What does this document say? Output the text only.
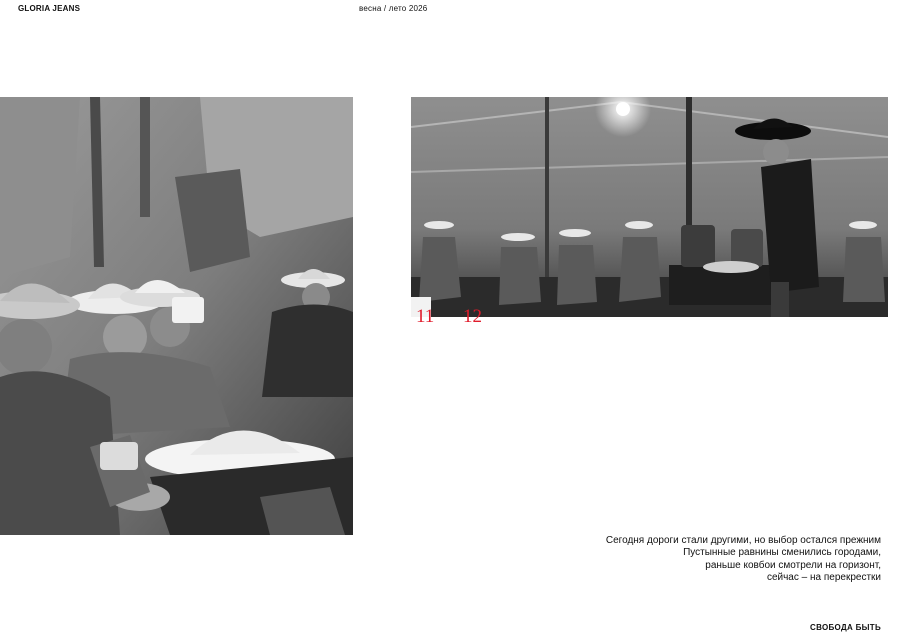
GLORIA JEANS	весна / лето 2026
11 12
Сегодня дороги стали другими, но выбор остался прежним
Пустынные равнины сменились городами,
раньше ковбои смотрели на горизонт,
сейчас – на перекрестки
СВОБОДА БЫТЬ
